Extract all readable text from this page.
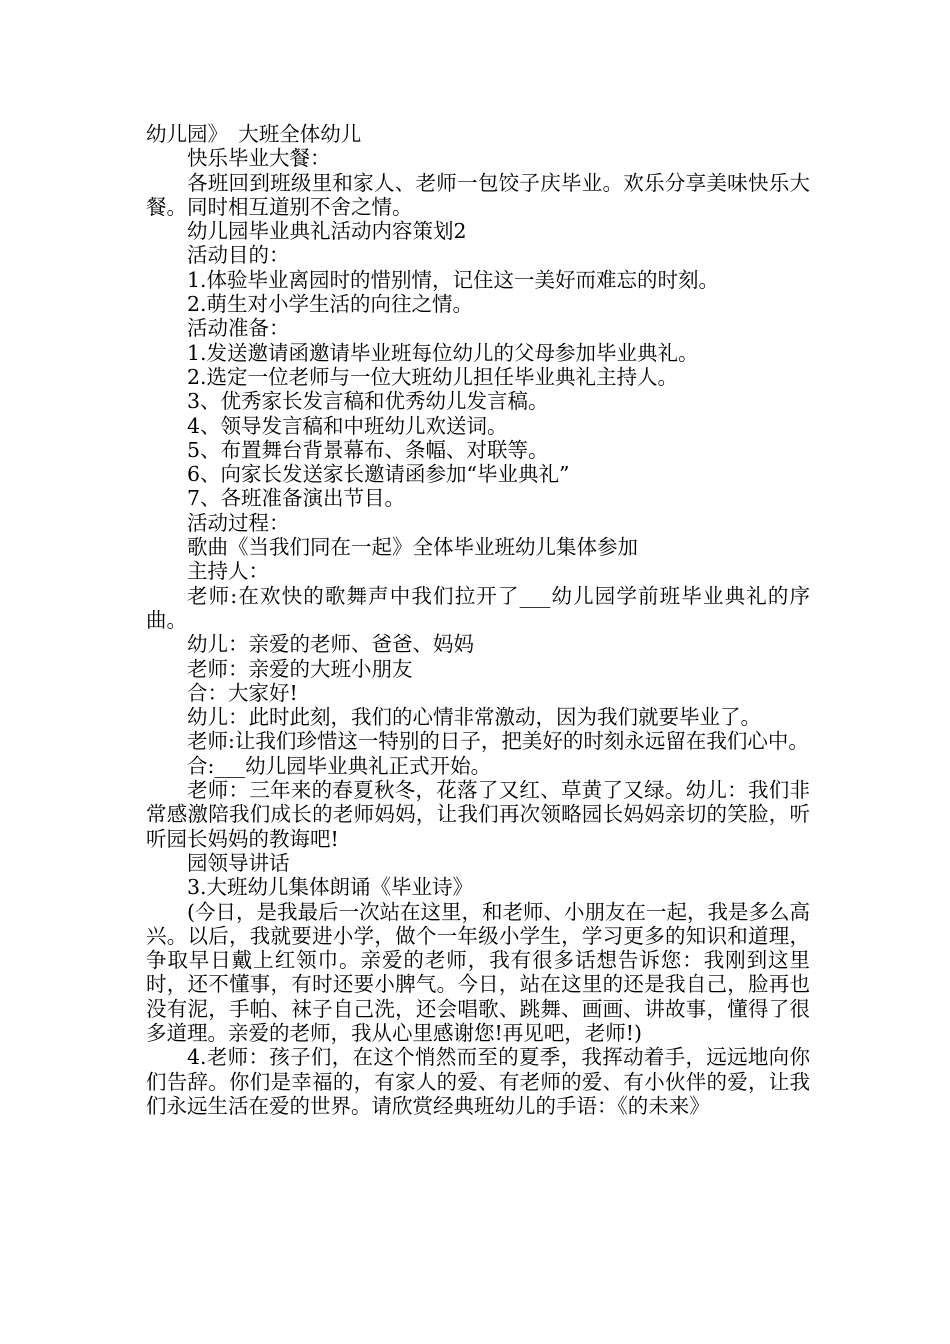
幼儿园》　大班全体幼儿

快乐毕业大餐：

各班回到班级里和家人、老师一包饺子庆毕业。欢乐分享美味快乐大餐。同时相互道别不舍之情。

幼儿园毕业典礼活动内容策划2

活动目的：

1.体验毕业离园时的惜别情，记住这一美好而难忘的时刻。

2.萌生对小学生活的向往之情。

活动准备：

1.发送邀请函邀请毕业班每位幼儿的父母参加毕业典礼。

2.选定一位老师与一位大班幼儿担任毕业典礼主持人。

3、优秀家长发言稿和优秀幼儿发言稿。

4、领导发言稿和中班幼儿欢送词。

5、布置舞台背景幕布、条幅、对联等。

6、向家长发送家长邀请函参加“毕业典礼”

7、各班准备演出节目。

活动过程：

歌曲《当我们同在一起》全体毕业班幼儿集体参加

主持人：

老师:在欢快的歌舞声中我们拉开了___幼儿园学前班毕业典礼的序曲。

幼儿：亲爱的老师、爸爸、妈妈

老师：亲爱的大班小朋友

合：大家好!

幼儿：此时此刻，我们的心情非常激动，因为我们就要毕业了。

老师:让我们珍惜这一特别的日子，把美好的时刻永远留在我们心中。

合:___幼儿园毕业典礼正式开始。

老师：三年来的春夏秋冬，花落了又红、草黄了又绿。幼儿：我们非常感激陪我们成长的老师妈妈，让我们再次领略园长妈妈亲切的笑脸，听听园长妈妈的教诲吧!

园领导讲话

3.大班幼儿集体朗诵《毕业诗》

(今日，是我最后一次站在这里，和老师、小朋友在一起，我是多么高兴。以后，我就要进小学，做个一年级小学生，学习更多的知识和道理，争取早日戴上红领巾。亲爱的老师，我有很多话想告诉您：我刚到这里时，还不懂事，有时还要小脾气。今日，站在这里的还是我自己，脸再也没有泥，手帕、袜子自己洗，还会唱歌、跳舞、画画、讲故事，懂得了很多道理。亲爱的老师，我从心里感谢您!再见吧，老师!)

4.老师：孩子们，在这个悄然而至的夏季，我挥动着手，远远地向你们告辞。你们是幸福的，有家人的爱、有老师的爱、有小伙伴的爱，让我们永远生活在爱的世界。请欣赏经典班幼儿的手语：《的未来》
